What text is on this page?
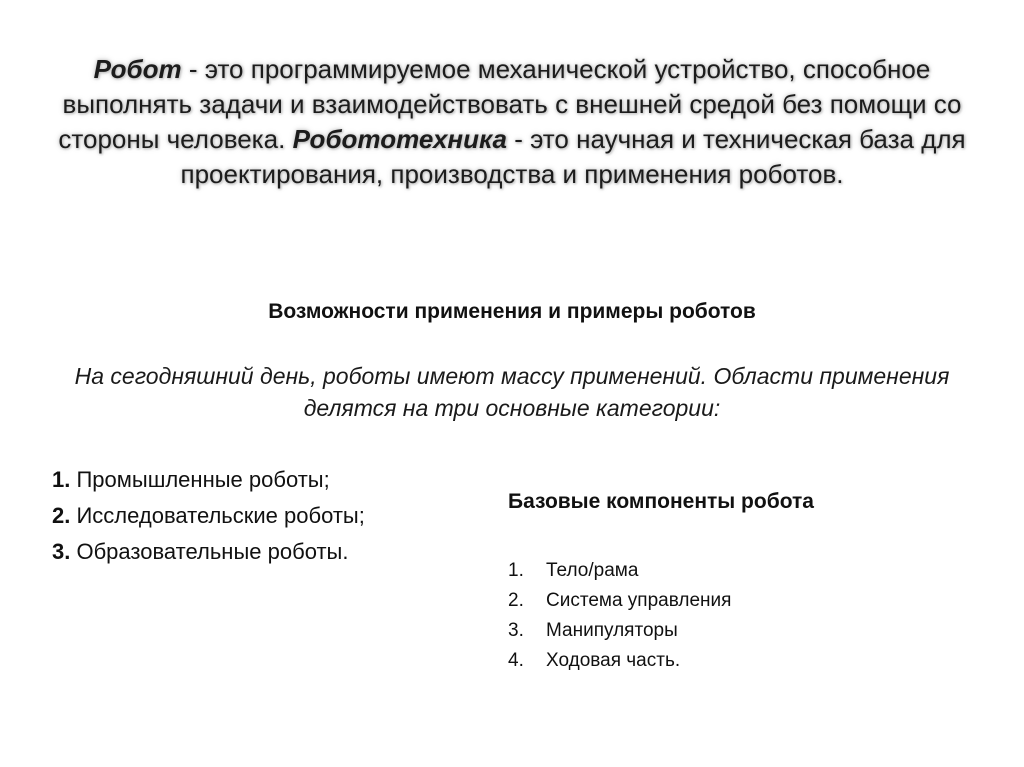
Робот - это программируемое механической устройство, способное выполнять задачи и взаимодействовать с внешней средой без помощи со стороны человека. Робототехника - это научная и техническая база для проектирования, производства и применения роботов.
Возможности применения и примеры роботов
На сегодняшний день, роботы имеют массу применений. Области применения делятся на три основные категории:
1. Промышленные роботы;
2. Исследовательские роботы;
3. Образовательные роботы.
Базовые компоненты робота
1.	Тело/рама
2.	Система управления
3.	Манипуляторы
4.	Ходовая часть.
